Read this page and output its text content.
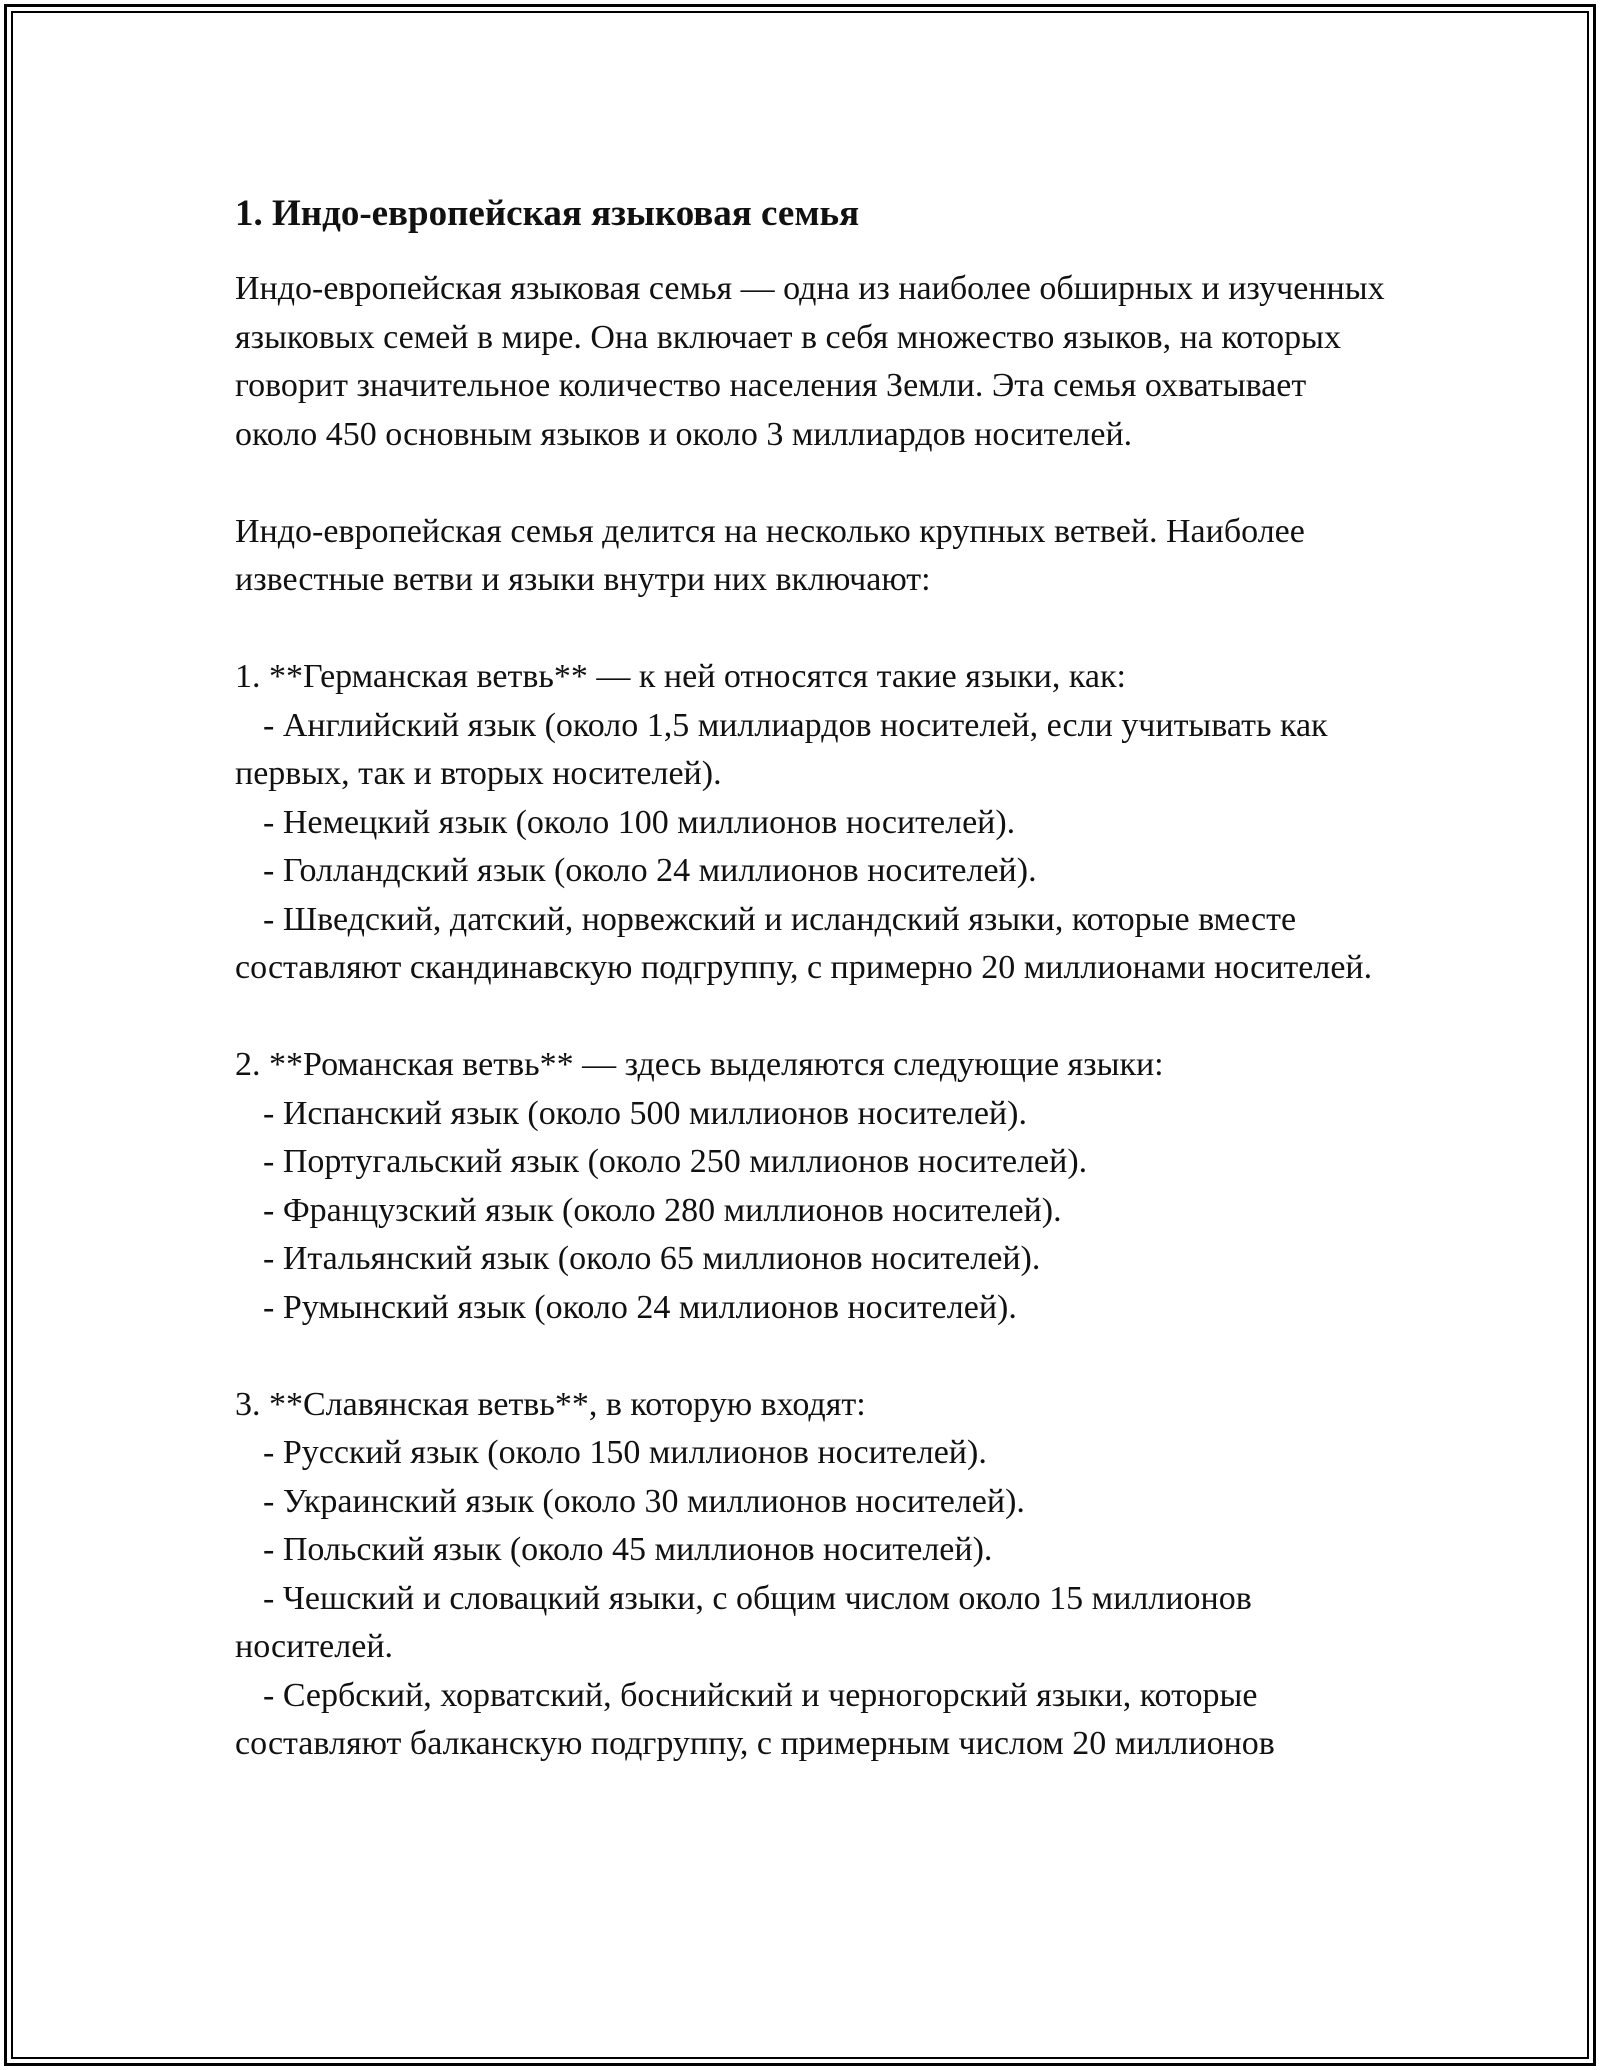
1. Индо-европейская языковая семья

Индо-европейская языковая семья — одна из наиболее обширных и изученных языковых семей в мире. Она включает в себя множество языков, на которых говорит значительное количество населения Земли. Эта семья охватывает около 450 основным языков и около 3 миллиардов носителей.

Индо-европейская семья делится на несколько крупных ветвей. Наиболее известные ветви и языки внутри них включают:

1. **Германская ветвь** — к ней относятся такие языки, как:

- Английский язык (около 1,5 миллиардов носителей, если учитывать как первых, так и вторых носителей).

- Немецкий язык (около 100 миллионов носителей).

- Голландский язык (около 24 миллионов носителей).

- Шведский, датский, норвежский и исландский языки, которые вместе составляют скандинавскую подгруппу, с примерно 20 миллионами носителей.

2. **Романская ветвь** — здесь выделяются следующие языки:

- Испанский язык (около 500 миллионов носителей).

- Португальский язык (около 250 миллионов носителей).

- Французский язык (около 280 миллионов носителей).

- Итальянский язык (около 65 миллионов носителей).

- Румынский язык (около 24 миллионов носителей).

3. **Славянская ветвь**, в которую входят:

- Русский язык (около 150 миллионов носителей).

- Украинский язык (около 30 миллионов носителей).

- Польский язык (около 45 миллионов носителей).

- Чешский и словацкий языки, с общим числом около 15 миллионов носителей.

- Сербский, хорватский, боснийский и черногорский языки, которые составляют балканскую подгруппу, с примерным числом 20 миллионов
